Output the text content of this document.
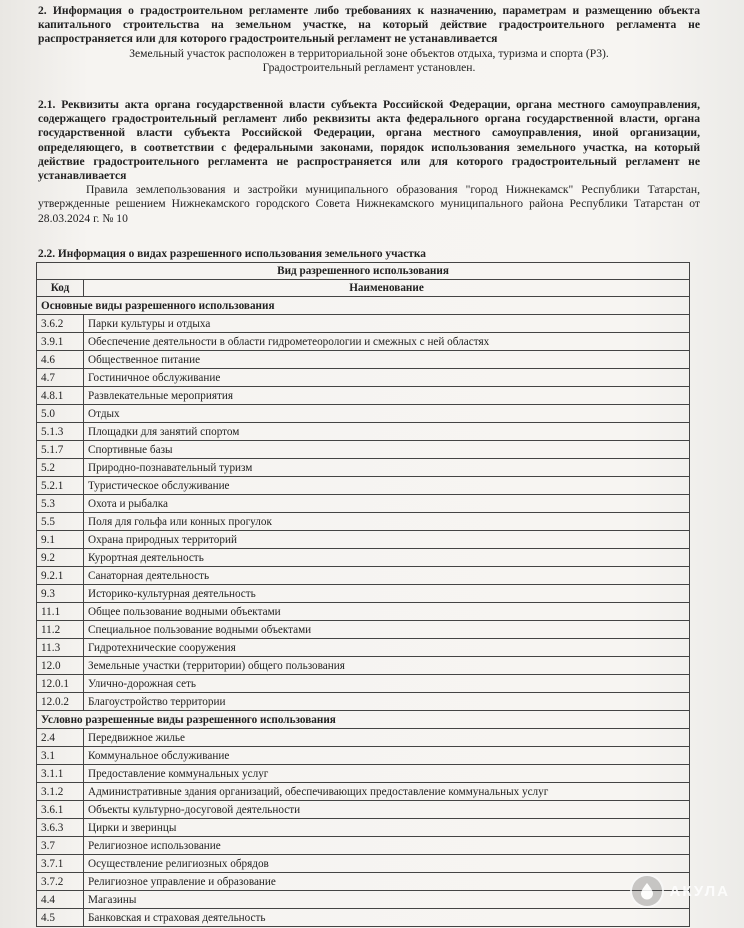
2. Информация о градостроительном регламенте либо требованиях к назначению, параметрам и размещению объекта капитального строительства на земельном участке, на который действие градостроительного регламента не распространяется или для которого градостроительный регламент не устанавливается

Земельный участок расположен в территориальной зоне объектов отдыха, туризма и спорта (Р3).

Градостроительный регламент установлен.

2.1. Реквизиты акта органа государственной власти субъекта Российской Федерации, органа местного самоуправления, содержащего градостроительный регламент либо реквизиты акта федерального органа государственной власти, органа государственной власти субъекта Российской Федерации, органа местного самоуправления, иной организации, определяющего, в соответствии с федеральными законами, порядок использования земельного участка, на который действие градостроительного регламента не распространяется или для которого градостроительный регламент не устанавливается

Правила землепользования и застройки муниципального образования "город Нижнекамск" Республики Татарстан, утвержденные решением Нижнекамского городского Совета Нижнекамского муниципального района Республики Татарстан от 28.03.2024 г. № 10

2.2. Информация о видах разрешенного использования земельного участка
Вид разрешенного использования	
Код	Наименование
Основные виды разрешенного использования	
3.6.2	Парки культуры и отдыха
3.9.1	Обеспечение деятельности в области гидрометеорологии и смежных с ней областях
4.6	Общественное питание
4.7	Гостиничное обслуживание
4.8.1	Развлекательные мероприятия
5.0	Отдых
5.1.3	Площадки для занятий спортом
5.1.7	Спортивные базы
5.2	Природно-познавательный туризм
5.2.1	Туристическое обслуживание
5.3	Охота и рыбалка
5.5	Поля для гольфа или конных прогулок
9.1	Охрана природных территорий
9.2	Курортная деятельность
9.2.1	Санаторная деятельность
9.3	Историко-культурная деятельность
11.1	Общее пользование водными объектами
11.2	Специальное пользование водными объектами
11.3	Гидротехнические сооружения
12.0	Земельные участки (территории) общего пользования
12.0.1	Улично-дорожная сеть
12.0.2	Благоустройство территории
Условно разрешенные виды разрешенного использования	
2.4	Передвижное жилье
3.1	Коммунальное обслуживание
3.1.1	Предоставление коммунальных услуг
3.1.2	Административные здания организаций, обеспечивающих предоставление коммунальных услуг
3.6.1	Объекты культурно-досуговой деятельности
3.6.3	Цирки и зверинцы
3.7	Религиозное использование
3.7.1	Осуществление религиозных обрядов
3.7.2	Религиозное управление и образование
4.4	Магазины
4.5	Банковская и страховая деятельность
АКУЛА
